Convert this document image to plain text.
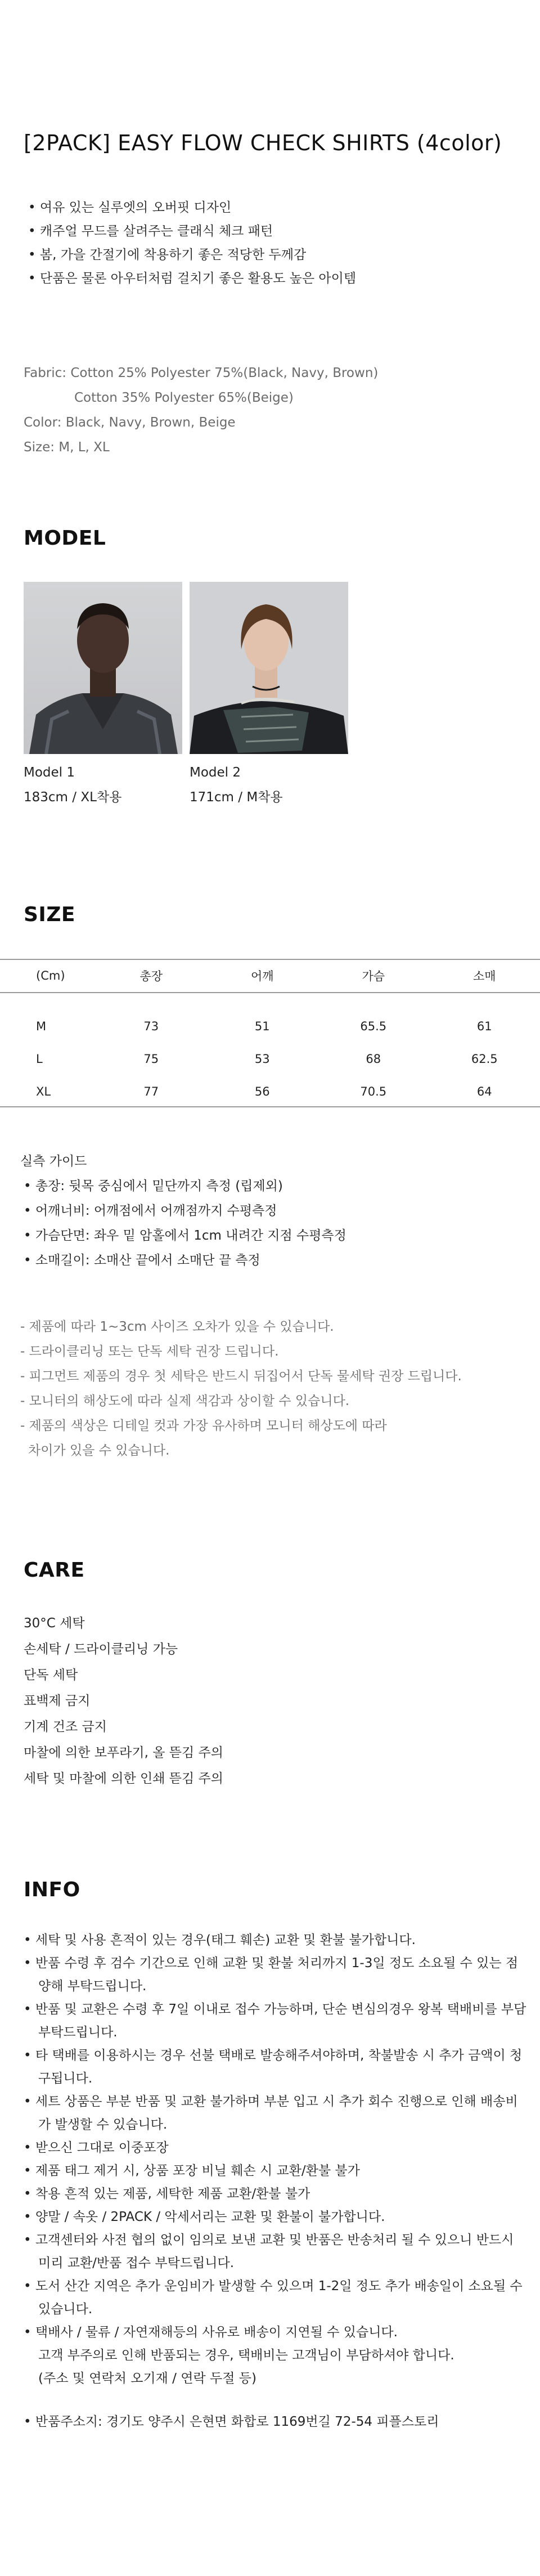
[2PACK] EASY FLOW CHECK SHIRTS (4color)
• 여유 있는 실루엣의 오버핏 디자인
• 캐주얼 무드를 살려주는 클래식 체크 패턴
• 봄, 가을 간절기에 착용하기 좋은 적당한 두께감
• 단품은 물론 아우터처럼 걸치기 좋은 활용도 높은 아이템
Fabric: Cotton 25% Polyester 75%(Black, Navy, Brown)
Cotton 35% Polyester 65%(Beige)
Color: Black, Navy, Brown, Beige
Size: M, L, XL
MODEL
Model 1
183cm / XL착용
Model 2
171cm / M착용
SIZE
(Cm)	총장	어깨	가슴	소매
M	73	51	65.5	61
L	75	53	68	62.5
XL	77	56	70.5	64
실측 가이드
• 총장: 뒷목 중심에서 밑단까지 측정 (립제외)
• 어깨너비: 어깨점에서 어깨점까지 수평측정
• 가슴단면: 좌우 밑 암홀에서 1cm 내려간 지점 수평측정
• 소매길이: 소매산 끝에서 소매단 끝 측정
- 제품에 따라 1~3cm 사이즈 오차가 있을 수 있습니다.
- 드라이클리닝 또는 단독 세탁 권장 드립니다.
- 피그먼트 제품의 경우 첫 세탁은 반드시 뒤집어서 단독 물세탁 권장 드립니다.
- 모니터의 해상도에 따라 실제 색감과 상이할 수 있습니다.
- 제품의 색상은 디테일 컷과 가장 유사하며 모니터 해상도에 따라
차이가 있을 수 있습니다.
CARE
30°C 세탁
손세탁 / 드라이클리닝 가능
단독 세탁
표백제 금지
기계 건조 금지
마찰에 의한 보푸라기, 올 뜯김 주의
세탁 및 마찰에 의한 인쇄 뜯김 주의
INFO
• 세탁 및 사용 흔적이 있는 경우(태그 훼손) 교환 및 환불 불가합니다.
• 반품 수령 후 검수 기간으로 인해 교환 및 환불 처리까지 1-3일 정도 소요될 수 있는 점 양해 부탁드립니다.
• 반품 및 교환은 수령 후 7일 이내로 접수 가능하며, 단순 변심의경우 왕복 택배비를 부담 부탁드립니다.
• 타 택배를 이용하시는 경우 선불 택배로 발송해주셔야하며, 착불발송 시 추가 금액이 청구됩니다.
• 세트 상품은 부분 반품 및 교환 불가하며 부분 입고 시 추가 회수 진행으로 인해 배송비가 발생할 수 있습니다.
• 받으신 그대로 이중포장
• 제품 태그 제거 시, 상품 포장 비닐 훼손 시 교환/환불 불가
• 착용 흔적 있는 제품, 세탁한 제품 교환/환불 불가
• 양말 / 속옷 / 2PACK / 악세서리는 교환 및 환불이 불가합니다.
• 고객센터와 사전 협의 없이 임의로 보낸 교환 및 반품은 반송처리 될 수 있으니 반드시 미리 교환/반품 접수 부탁드립니다.
• 도서 산간 지역은 추가 운임비가 발생할 수 있으며 1-2일 정도 추가 배송일이 소요될 수 있습니다.
• 택배사 / 물류 / 자연재해등의 사유로 배송이 지연될 수 있습니다.
고객 부주의로 인해 반품되는 경우, 택배비는 고객님이 부담하셔야 합니다.
(주소 및 연락처 오기재 / 연락 두절 등)
• 반품주소지: 경기도 양주시 은현면 화합로 1169번길 72-54 피플스토리
